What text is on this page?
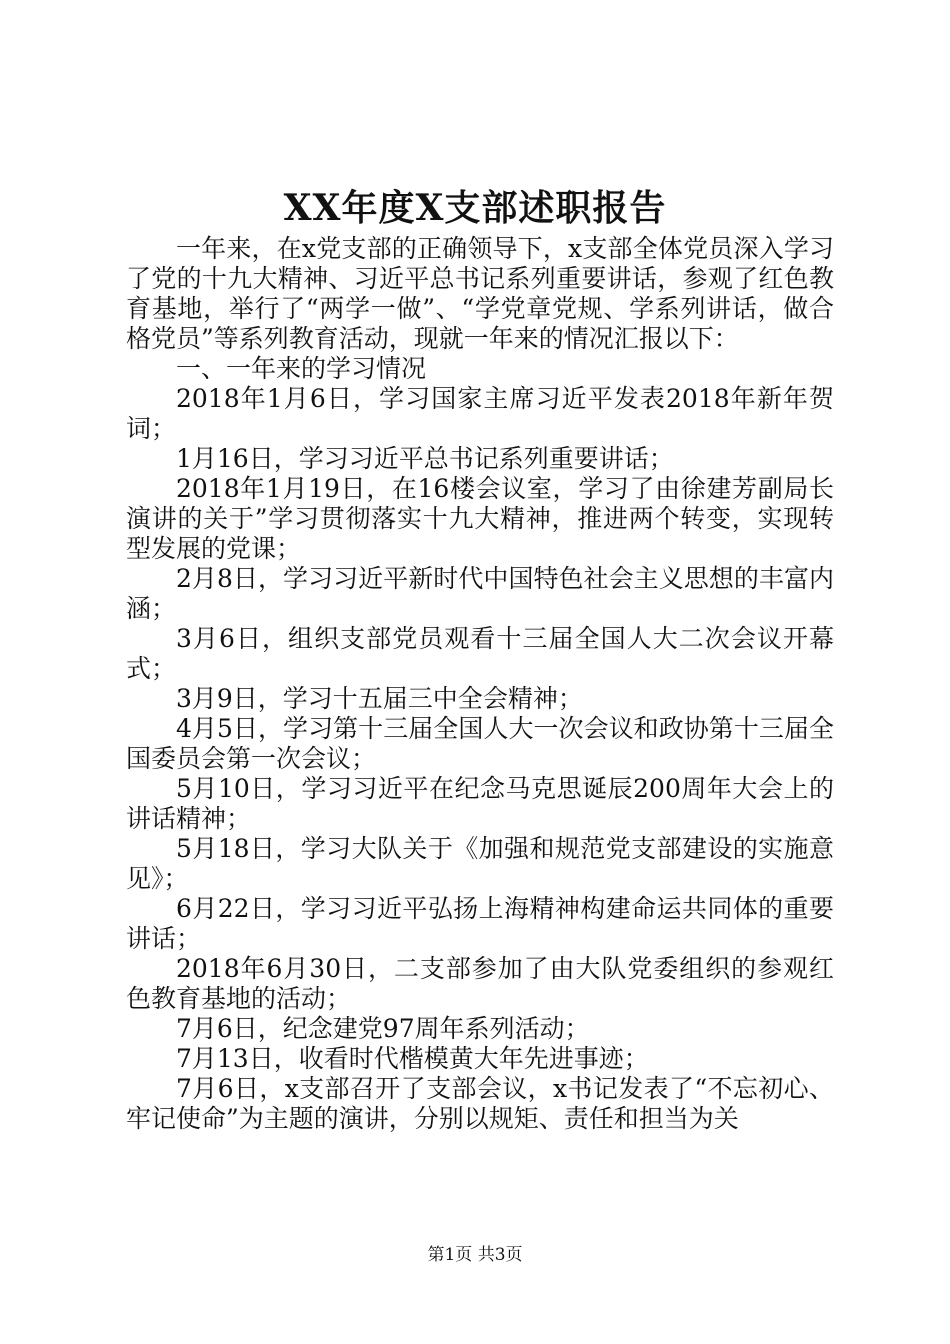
XX年度X支部述职报告

一年来，在x党支部的正确领导下，x支部全体党员深入学习了党的十九大精神、习近平总书记系列重要讲话，参观了红色教育基地，举行了“两学一做”、“学党章党规、学系列讲话，做合格党员”等系列教育活动，现就一年来的情况汇报以下：

一、一年来的学习情况

2018年1月6日，学习国家主席习近平发表2018年新年贺词；

1月16日，学习习近平总书记系列重要讲话；

2018年1月19日，在16楼会议室，学习了由徐建芳副局长演讲的关于”学习贯彻落实十九大精神，推进两个转变，实现转型发展的党课；

2月8日，学习习近平新时代中国特色社会主义思想的丰富内涵；

3月6日，组织支部党员观看十三届全国人大二次会议开幕式；

3月9日，学习十五届三中全会精神；

4月5日，学习第十三届全国人大一次会议和政协第十三届全国委员会第一次会议；

5月10日，学习习近平在纪念马克思诞辰200周年大会上的讲话精神；

5月18日，学习大队关于《加强和规范党支部建设的实施意见》；

6月22日，学习习近平弘扬上海精神构建命运共同体的重要讲话；

2018年6月30日，二支部参加了由大队党委组织的参观红色教育基地的活动；

7月6日，纪念建党97周年系列活动；

7月13日，收看时代楷模黄大年先进事迹；

7月6日，x支部召开了支部会议，x书记发表了“不忘初心、牢记使命”为主题的演讲，分别以规矩、责任和担当为关

第1页 共3页
